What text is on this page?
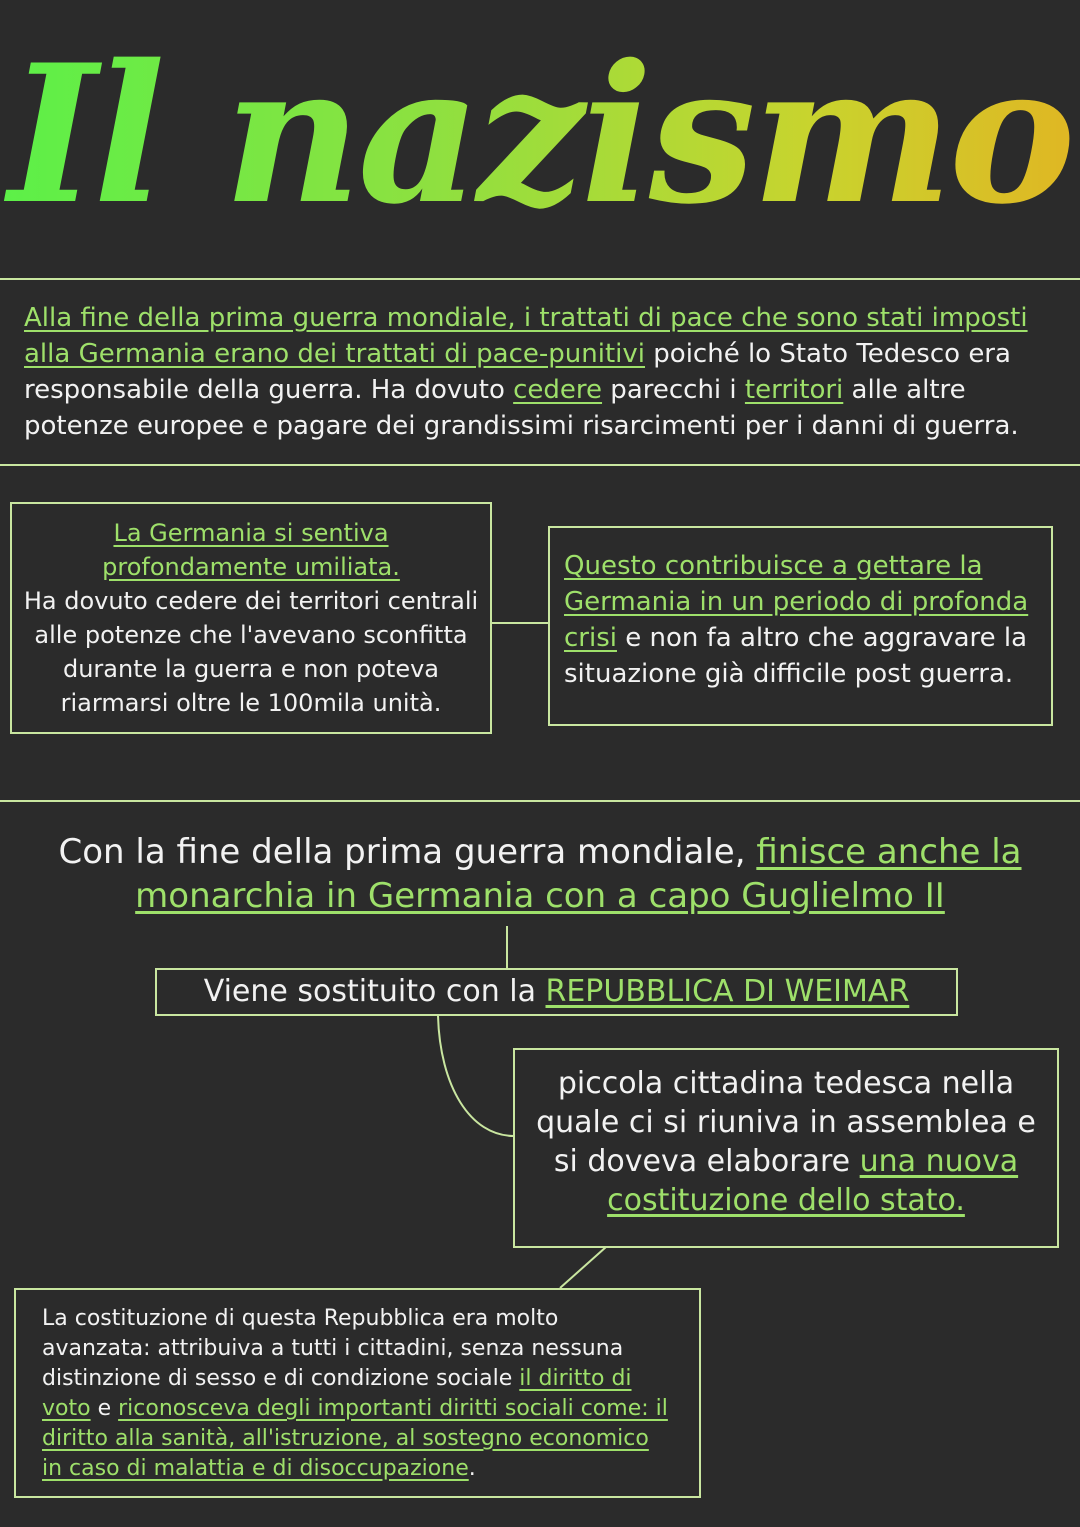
Il nazismo

Alla fine della prima guerra mondiale, i trattati di pace che sono stati imposti alla Germania erano dei trattati di pace-punitivi poiché lo Stato Tedesco era responsabile della guerra. Ha dovuto cedere parecchi i territori alle altre potenze europee e pagare dei grandissimi risarcimenti per i danni di guerra.

La Germania si sentiva profondamente umiliata.

Ha dovuto cedere dei territori centrali alle potenze che l'avevano sconfitta durante la guerra e non poteva riarmarsi oltre le 100mila unità.

Questo contribuisce a gettare la Germania in un periodo di profonda crisi e non fa altro che aggravare la situazione già difficile post guerra.

Con la fine della prima guerra mondiale, finisce anche la monarchia in Germania con a capo Guglielmo II

Viene sostituito con la REPUBBLICA DI WEIMAR

piccola cittadina tedesca nella quale ci si riuniva in assemblea e si doveva elaborare una nuova costituzione dello stato.

La costituzione di questa Repubblica era molto avanzata: attribuiva a tutti i cittadini, senza nessuna distinzione di sesso e di condizione sociale il diritto di voto e riconosceva degli importanti diritti sociali come: il diritto alla sanità, all'istruzione, al sostegno economico in caso di malattia e di disoccupazione.
